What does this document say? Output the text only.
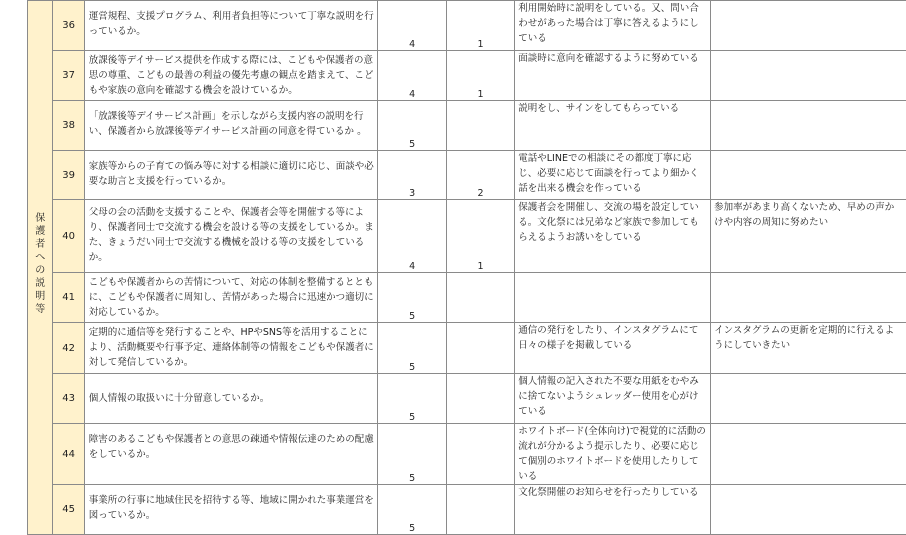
保護者への説明等	36	運営規程、支援プログラム、利用者負担等について丁寧な説明を行っているか。	4	1	利用開始時に説明をしている。又、問い合わせがあった場合は丁寧に答えるようにしている	
	37	放課後等デイサービス提供を作成する際には、こどもや保護者の意思の尊重、こどもの最善の利益の優先考慮の観点を踏まえて、こどもや家族の意向を確認する機会を設けているか。	4	1	面談時に意向を確認するように努めている	
	38	「放課後等デイサービス計画」を示しながら支援内容の説明を行い、保護者から放課後等デイサービス計画の同意を得ているか 。	5		説明をし、サインをしてもらっている	
	39	家族等からの子育ての悩み等に対する相談に適切に応じ、面談や必要な助言と支援を行っているか。	3	2	電話やLINEでの相談にその都度丁寧に応じ、必要に応じて面談を行ってより細かく話を出来る機会を作っている	
	40	父母の会の活動を支援することや、保護者会等を開催する等により、保護者同士で交流する機会を設ける等の支援をしているか。また、きょうだい同士で交流する機械を設ける等の支援をしているか。	4	1	保護者会を開催し、交流の場を設定している。文化祭には兄弟など家族で参加してもらえるようお誘いをしている	参加率があまり高くないため、早めの声かけや内容の周知に努めたい
	41	こどもや保護者からの苦情について、対応の体制を整備するとともに、こどもや保護者に周知し、苦情があった場合に迅速かつ適切に対応しているか。	5			

	42	定期的に通信等を発行することや、HPやSNS等を活用することにより、活動概要や行事予定、連絡体制等の情報をこどもや保護者に対して発信しているか。	5		通信の発行をしたり、インスタグラムにて日々の様子を掲載している	インスタグラムの更新を定期的に行えるようにしていきたい
	43	個人情報の取扱いに十分留意しているか。	5		個人情報の記入された不要な用紙をむやみに捨てないようシュレッダー使用を心がけている	
	44	障害のあるこどもや保護者との意思の疎通や情報伝達のための配慮をしているか。	5		ホワイトボード(全体向け)で視覚的に活動の流れが分かるよう提示したり、必要に応じて個別のホワイトボードを使用したりしている	
	45	事業所の行事に地域住民を招待する等、地域に開かれた事業運営を図っているか。	5		文化祭開催のお知らせを行ったりしている	
